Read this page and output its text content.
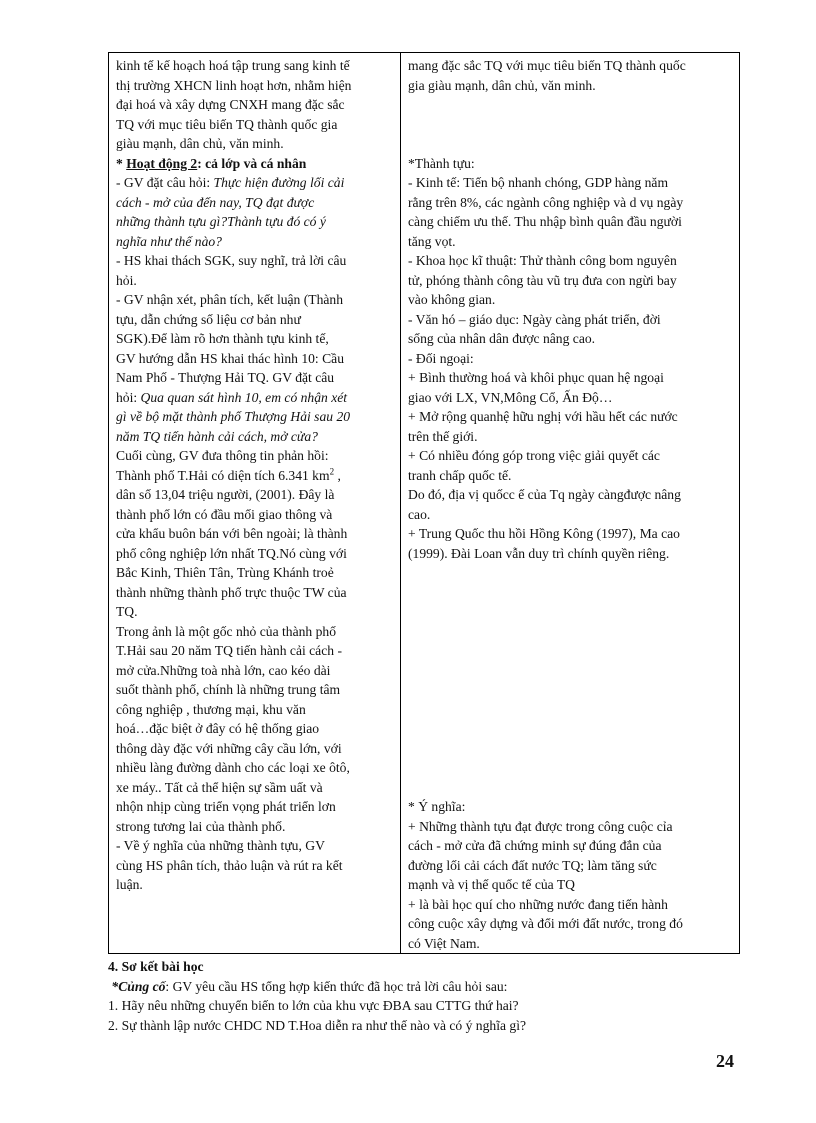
kinh tế kế hoạch hoá tập trung sang kinh tế
thị trường XHCN linh hoạt hơn, nhằm hiện
đại hoá và xây dựng CNXH mang đặc sắc
TQ với mục tiêu biến TQ thành quốc gia
giàu mạnh, dân chủ, văn minh.
* Hoạt động 2: cả lớp và cá nhân
- GV đặt câu hỏi: Thực hiện đường lối cải
cách - mở của đến nay, TQ đạt được
những thành tựu gì?Thành tựu đó có ý
nghĩa như thế nào?
- HS khai thách SGK, suy nghĩ, trả lời câu
hỏi.
- GV nhận xét, phân tích, kết luận (Thành
tựu, dẫn chứng số liệu cơ bản như
SGK).Để làm rõ hơn thành tựu kinh tế,
GV hướng dẫn HS khai thác hình 10: Cầu
Nam Phố - Thượng Hải TQ. GV đặt câu
hỏi: Qua quan sát hình 10, em có nhận xét
gì về bộ mặt thành phố Thượng Hải sau 20
năm TQ tiến hành cải cách, mở cửa?
Cuối cùng, GV đưa thông tin phản hồi:
Thành phố T.Hải có diện tích 6.341 $km^2$ ,
dân số 13,04 triệu người, (2001). Đây là
thành phố lớn có đầu mối giao thông và
cửa khẩu buôn bán với bên ngoài; là thành
phố công nghiệp lớn nhất TQ.Nó cùng với
Bắc Kinh, Thiên Tân, Trùng Khánh troẻ
thành những thành phố trực thuộc TW của
TQ.
Trong ảnh là một gốc nhỏ của thành phố
T.Hải sau 20 năm TQ tiến hành cải cách -
mở cửa.Những toà nhà lớn, cao kéo dài
suốt thành phố, chính là những trung tâm
công nghiệp , thương mại, khu văn
hoá…đặc biệt ở đây có hệ thống giao
thông dày đặc với những cây cầu lớn, với
nhiều làng đường dành cho các loại xe ôtô,
xe máy.. Tất cả thể hiện sự sầm uất và
nhộn nhịp cùng triển vọng phát triển lơn
strong tương lai của thành phố.
- Về ý nghĩa của những thành tựu, GV
cùng HS phân tích, thảo luận và rút ra kết
luận.
mang đặc sắc TQ với mục tiêu biến TQ thành quốc
gia giàu mạnh, dân chủ, văn minh.
*Thành tựu:
- Kinh tế: Tiến bộ nhanh chóng, GDP hàng năm
rằng trên 8%, các ngành công nghiệp và d vụ ngày
càng chiếm ưu thế. Thu nhập bình quân đầu người
tăng vọt.
- Khoa học kĩ thuật: Thử thành công bom nguyên
tử, phóng thành công tàu vũ trụ đưa con ngừi bay
vào không gian.
- Văn hó – giáo dục: Ngày càng phát triển, đời
sống của nhân dân được nâng cao.
- Đối ngoại:
+ Bình thường hoá và khôi phục quan hệ ngoại
giao với LX, VN,Mông Cổ, Ấn Độ…
+ Mở rộng quanhệ hữu nghị với hầu hết các nước
trên thế giới.
+ Có nhiều đóng góp trong việc giải quyết các
tranh chấp quốc tế.
Do đó, địa vị quốcc ế của Tq ngày càngđược nâng
cao.
+ Trung Quốc thu hồi Hồng Kông (1997), Ma cao
(1999). Đài Loan vẫn duy trì chính quyền riêng.
* Ý nghĩa:
+ Những thành tựu đạt được trong công cuộc cỉa
cách - mở cửa đã chứng minh sự đúng đắn của
đường lối cải cách đất nước TQ; làm tăng sức
mạnh và vị thế quốc tế của TQ
+ là bài học quí cho những nước đang tiến hành
công cuộc xây dựng và đổi mới đất nước, trong đó
có Việt Nam.
4. Sơ kết bài học
*Củng cố: GV yêu cầu HS tổng hợp kiến thức đã học trả lời câu hỏi sau:
1. Hãy nêu những chuyển biến to lớn của khu vực ĐBA sau CTTG thứ hai?
2. Sự thành lập nước CHDC ND T.Hoa diễn ra như thế nào và có ý nghĩa gì?
24
